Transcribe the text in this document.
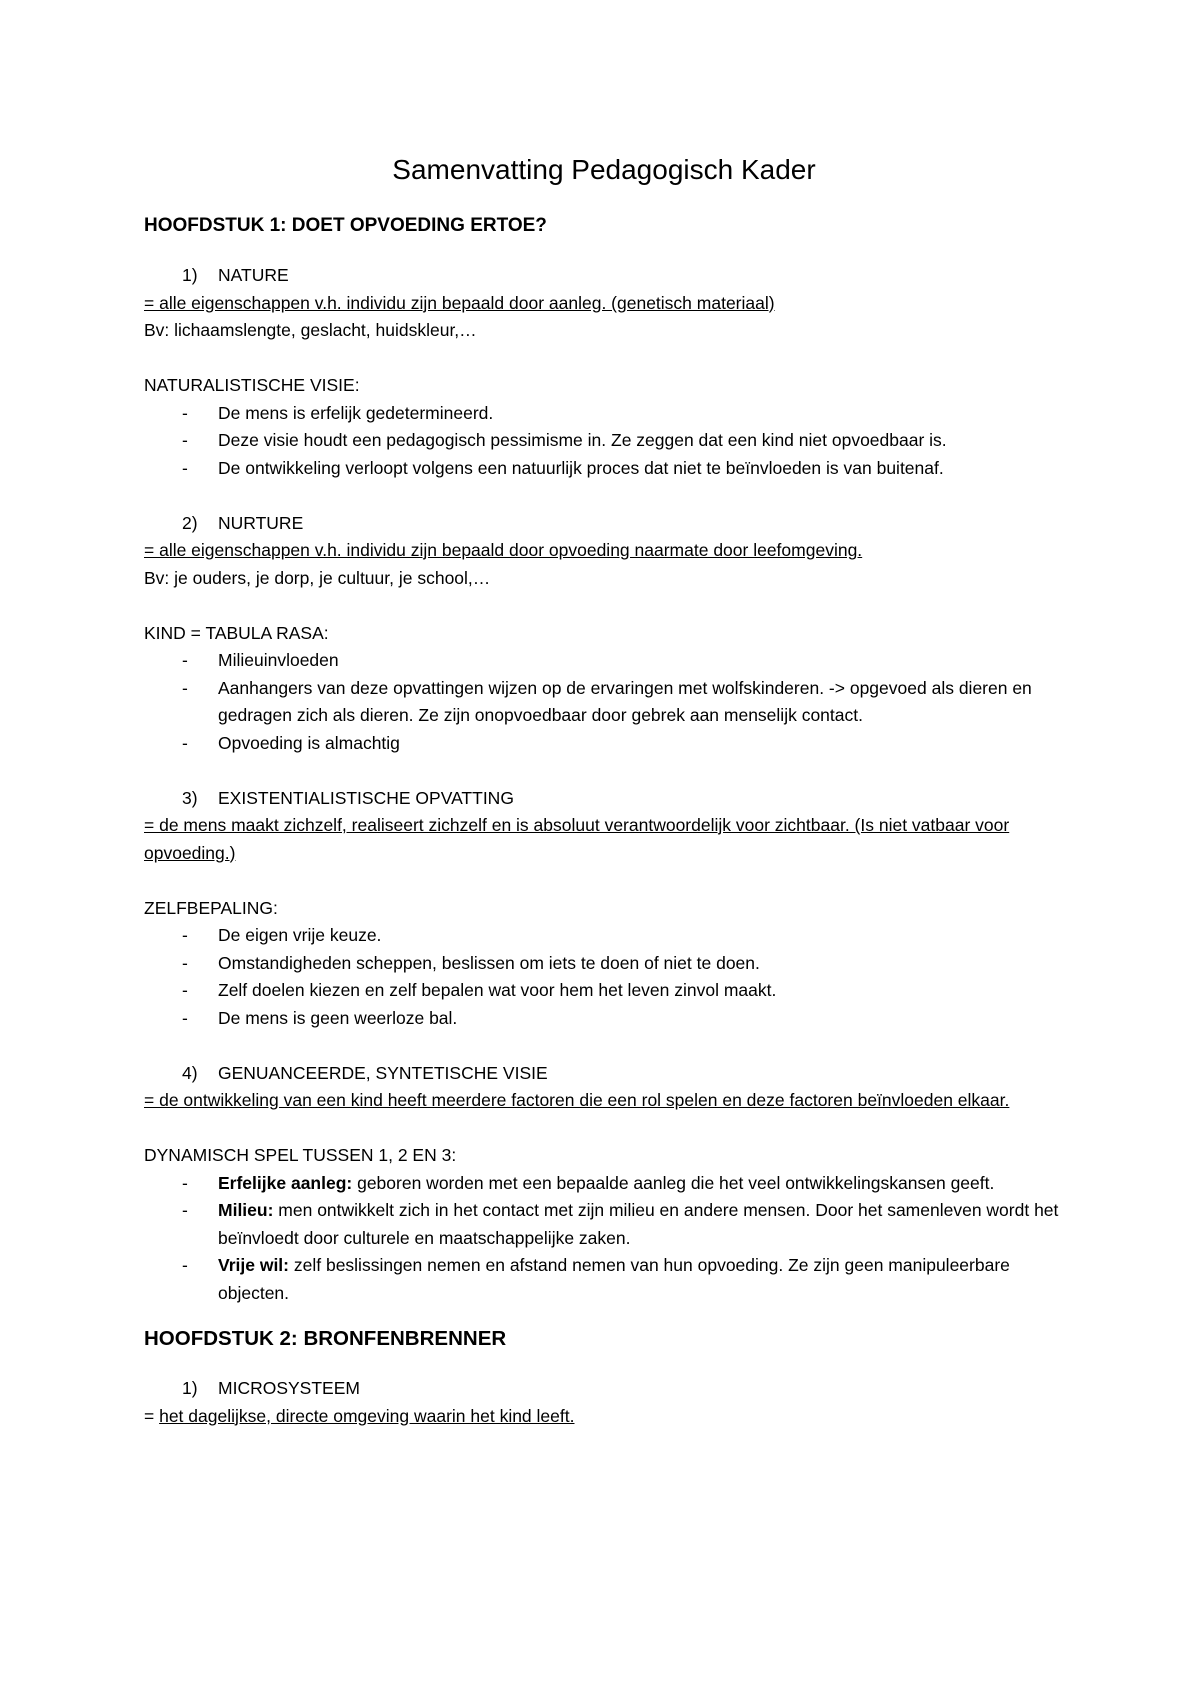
Samenvatting Pedagogisch Kader
HOOFDSTUK 1: DOET OPVOEDING ERTOE?
1)	NATURE
= alle eigenschappen v.h. individu zijn bepaald door aanleg. (genetisch materiaal)
Bv: lichaamslengte, geslacht, huidskleur,…
NATURALISTISCHE VISIE:
-	De mens is erfelijk gedetermineerd.
-	Deze visie houdt een pedagogisch pessimisme in. Ze zeggen dat een kind niet opvoedbaar is.
-	De ontwikkeling verloopt volgens een natuurlijk proces dat niet te beïnvloeden is van buitenaf.
2)	NURTURE
= alle eigenschappen v.h. individu zijn bepaald door opvoeding naarmate door leefomgeving.
Bv: je ouders, je dorp, je cultuur, je school,…
KIND = TABULA RASA:
-	Milieuinvloeden
-	Aanhangers van deze opvattingen wijzen op de ervaringen met wolfskinderen. -> opgevoed als dieren en gedragen zich als dieren. Ze zijn onopvoedbaar door gebrek aan menselijk contact.
-	Opvoeding is almachtig
3)	EXISTENTIALISTISCHE OPVATTING
= de mens maakt zichzelf, realiseert zichzelf en is absoluut verantwoordelijk voor zichtbaar. (Is niet vatbaar voor opvoeding.)
ZELFBEPALING:
-	De eigen vrije keuze.
-	Omstandigheden scheppen, beslissen om iets te doen of niet te doen.
-	Zelf doelen kiezen en zelf bepalen wat voor hem het leven zinvol maakt.
-	De mens is geen weerloze bal.
4)	GENUANCEERDE, SYNTETISCHE VISIE
= de ontwikkeling van een kind heeft meerdere factoren die een rol spelen en deze factoren beïnvloeden elkaar.
DYNAMISCH SPEL TUSSEN 1, 2 EN 3:
-	Erfelijke aanleg: geboren worden met een bepaalde aanleg die het veel ontwikkelingskansen geeft.
-	Milieu: men ontwikkelt zich in het contact met zijn milieu en andere mensen. Door het samenleven wordt het beïnvloedt door culturele en maatschappelijke zaken.
-	Vrije wil: zelf beslissingen nemen en afstand nemen van hun opvoeding. Ze zijn geen manipuleerbare objecten.
HOOFDSTUK 2: BRONFENBRENNER
1)	MICROSYSTEEM
= het dagelijkse, directe omgeving waarin het kind leeft.
